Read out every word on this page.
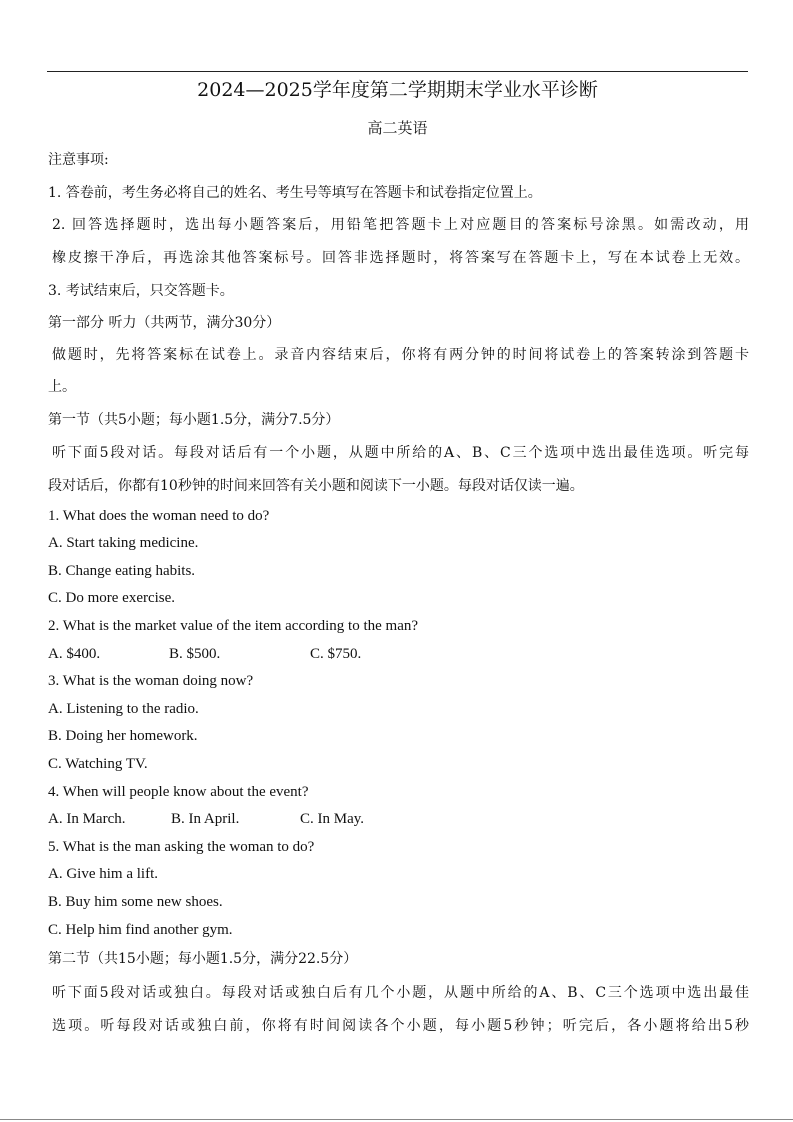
2024—2025学年度第二学期期末学业水平诊断
高二英语
注意事项:
1. 答卷前，考生务必将自己的姓名、考生号等填写在答题卡和试卷指定位置上。
2. 回答选择题时，选出每小题答案后，用铅笔把答题卡上对应题目的答案标号涂黑。如需改动，用
橡皮擦干净后，再选涂其他答案标号。回答非选择题时，将答案写在答题卡上，写在本试卷上无效。
3. 考试结束后，只交答题卡。
第一部分 听力（共两节，满分30分）
做题时，先将答案标在试卷上。录音内容结束后，你将有两分钟的时间将试卷上的答案转涂到答题卡
上。
第一节（共5小题；每小题1.5分，满分7.5分）
听下面5段对话。每段对话后有一个小题，从题中所给的A、B、C三个选项中选出最佳选项。听完每
段对话后，你都有10秒钟的时间来回答有关小题和阅读下一小题。每段对话仅读一遍。
1. What does the woman need to do?
A. Start taking medicine.
B. Change eating habits.
C. Do more exercise.
2. What is the market value of the item according to the man?
A. $400.	B. $500.	C. $750.
3. What is the woman doing now?
A. Listening to the radio.
B. Doing her homework.
C. Watching TV.
4. When will people know about the event?
A. In March.	B. In April.	C. In May.
5. What is the man asking the woman to do?
A. Give him a lift.
B. Buy him some new shoes.
C. Help him find another gym.
第二节（共15小题；每小题1.5分，满分22.5分）
听下面5段对话或独白。每段对话或独白后有几个小题，从题中所给的A、B、C三个选项中选出最佳
选项。听每段对话或独白前，你将有时间阅读各个小题，每小题5秒钟；听完后，各小题将给出5秒
